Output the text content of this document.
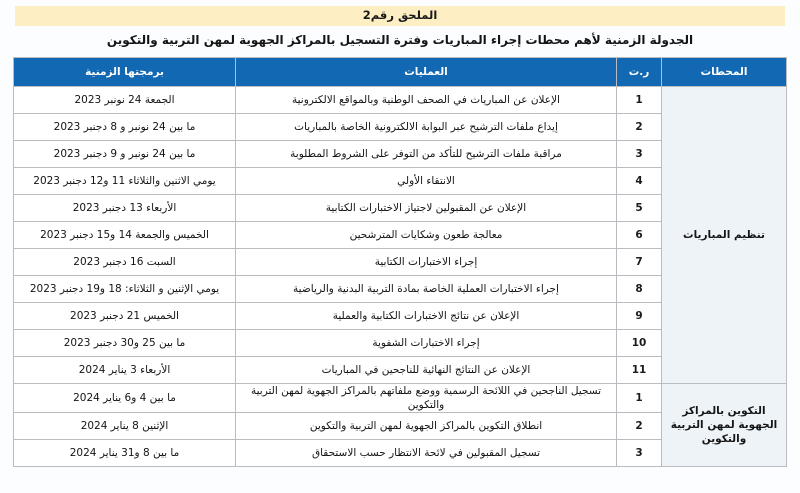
الملحق رقم2
الجدولة الزمنية لأهم محطات إجراء المباريات وفترة التسجيل بالمراكز الجهوية لمهن التربية والتكوين
المحطات	ر.ت	العمليات	برمجتها الزمنية
تنظيم المباريات	1	الإعلان عن المباريات في الصحف الوطنية وبالمواقع الالكترونية	الجمعة 24 نونبر 2023
	2	إيداع ملفات الترشيح عبر البوابة الالكترونية الخاصة بالمباريات	ما بين 24 نونبر و 8 دجنبر 2023
	3	مراقبة ملفات الترشيح للتأكد من التوفر على الشروط المطلوبة	ما بين 24 نونبر و 9 دجنبر 2023
	4	الانتقاء الأولي	يومي الاثنين والثلاثاء 11 و12 دجنبر 2023
	5	الإعلان عن المقبولين لاجتياز الاختبارات الكتابية	الأربعاء 13 دجنبر 2023
	6	معالجة طعون وشكايات المترشحين	الخميس والجمعة 14 و15 دجنبر 2023
	7	إجراء الاختبارات الكتابية	السبت 16 دجنبر 2023
	8	إجراء الاختبارات العملية الخاصة بمادة التربية البدنية والرياضية	يومي الإثنين و الثلاثاء: 18 و19 دجنبر 2023
	9	الإعلان عن نتائج الاختبارات الكتابية والعملية	الخميس 21 دجنبر 2023
	10	إجراء الاختبارات الشفوية	ما بين 25 و30 دجنبر 2023
	11	الإعلان عن النتائج النهائية للناجحين في المباريات	الأربعاء 3 يناير 2024
التكوين بالمراكز الجهوية لمهن التربية والتكوين	1	تسجيل الناجحين في اللائحة الرسمية ووضع ملفاتهم بالمراكز الجهوية لمهن التربية والتكوين	ما بين 4 و6 يناير 2024
	2	انطلاق التكوين بالمراكز الجهوية لمهن التربية والتكوين	الإثنين 8 يناير 2024
	3	تسجيل المقبولين في لائحة الانتظار حسب الاستحقاق	ما بين 8 و31 يناير 2024
